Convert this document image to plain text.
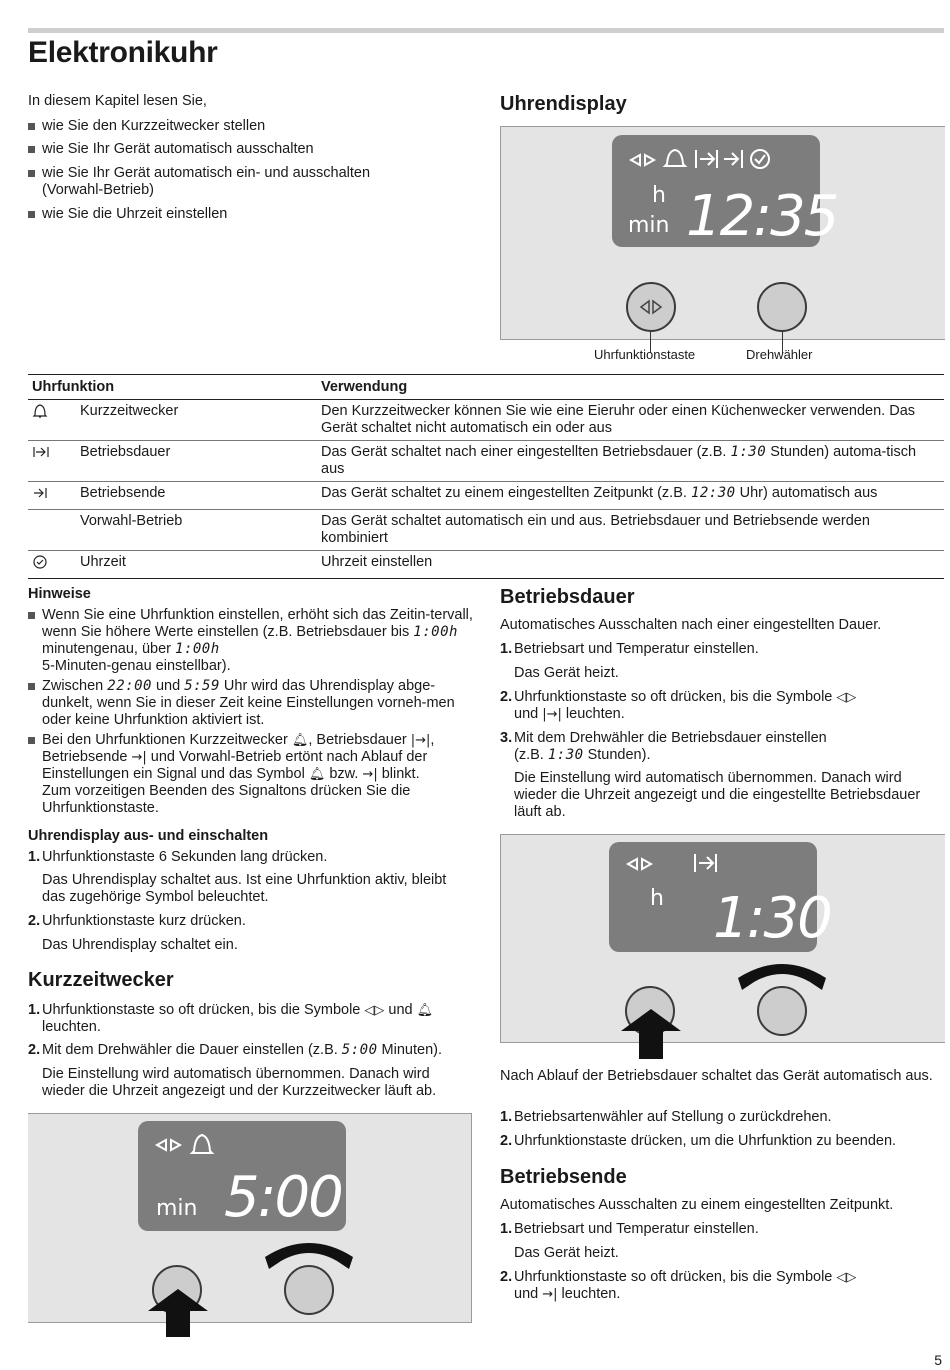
Elektronikuhr
In diesem Kapitel lesen Sie,
wie Sie den Kurzzeitwecker stellen
wie Sie Ihr Gerät automatisch ausschalten
wie Sie Ihr Gerät automatisch ein- und ausschalten
(Vorwahl-Betrieb)
wie Sie die Uhrzeit einstellen
Uhrendisplay
h
min 12:35
Uhrfunktionstaste	Drehwähler
Uhrfunktion		Verwendung
	Kurzzeitwecker	Den Kurzzeitwecker können Sie wie eine Eieruhr oder einen Küchenwecker verwenden. Das Gerät schaltet nicht automatisch ein oder aus
	Betriebsdauer	Das Gerät schaltet nach einer eingestellten Betriebsdauer (z.B. 1:30 Stunden) automa-tisch aus
	Betriebsende	Das Gerät schaltet zu einem eingestellten Zeitpunkt (z.B. 12:30 Uhr) automatisch aus
	Vorwahl-Betrieb	Das Gerät schaltet automatisch ein und aus. Betriebsdauer und Betriebsende werden kombiniert
	Uhrzeit	Uhrzeit einstellen
Hinweise
Wenn Sie eine Uhrfunktion einstellen, erhöht sich das Zeitin-tervall, wenn Sie höhere Werte einstellen (z.B. Betriebsdauer bis 1:00h minutengenau, über 1:00h
5-Minuten-genau einstellbar).
Zwischen 22:00 und 5:59 Uhr wird das Uhrendisplay abge-dunkelt, wenn Sie in dieser Zeit keine Einstellungen vorneh-men oder keine Uhrfunktion aktiviert ist.
Bei den Uhrfunktionen Kurzzeitwecker 🔔︎, Betriebsdauer |→|,
Betriebsende →| und Vorwahl-Betrieb ertönt nach Ablauf der
Einstellungen ein Signal und das Symbol 🔔︎ bzw. →| blinkt.
Zum vorzeitigen Beenden des Signaltons drücken Sie die
Uhrfunktionstaste.
Uhrendisplay aus- und einschalten
1. Uhrfunktionstaste 6 Sekunden lang drücken.
Das Uhrendisplay schaltet aus. Ist eine Uhrfunktion aktiv, bleibt das zugehörige Symbol beleuchtet.
2. Uhrfunktionstaste kurz drücken.
Das Uhrendisplay schaltet ein.
Kurzzeitwecker
1. Uhrfunktionstaste so oft drücken, bis die Symbole ◁▷ und 🔔︎
leuchten.
2. Mit dem Drehwähler die Dauer einstellen (z.B. 5:00 Minuten).
Die Einstellung wird automatisch übernommen. Danach wird wieder die Uhrzeit angezeigt und der Kurzzeitwecker läuft ab.
min 5:00
Betriebsdauer
Automatisches Ausschalten nach einer eingestellten Dauer.
1. Betriebsart und Temperatur einstellen.
Das Gerät heizt.
2. Uhrfunktionstaste so oft drücken, bis die Symbole ◁▷
und |→| leuchten.
3. Mit dem Drehwähler die Betriebsdauer einstellen
(z.B. 1:30 Stunden).
Die Einstellung wird automatisch übernommen. Danach wird wieder die Uhrzeit angezeigt und die eingestellte Betriebsdauer läuft ab.
h 1:30
Nach Ablauf der Betriebsdauer schaltet das Gerät automatisch aus.
1. Betriebsartenwähler auf Stellung o zurückdrehen.
2. Uhrfunktionstaste drücken, um die Uhrfunktion zu beenden.
Betriebsende
Automatisches Ausschalten zu einem eingestellten Zeitpunkt.
1. Betriebsart und Temperatur einstellen.
Das Gerät heizt.
2. Uhrfunktionstaste so oft drücken, bis die Symbole ◁▷
und →| leuchten.
5
